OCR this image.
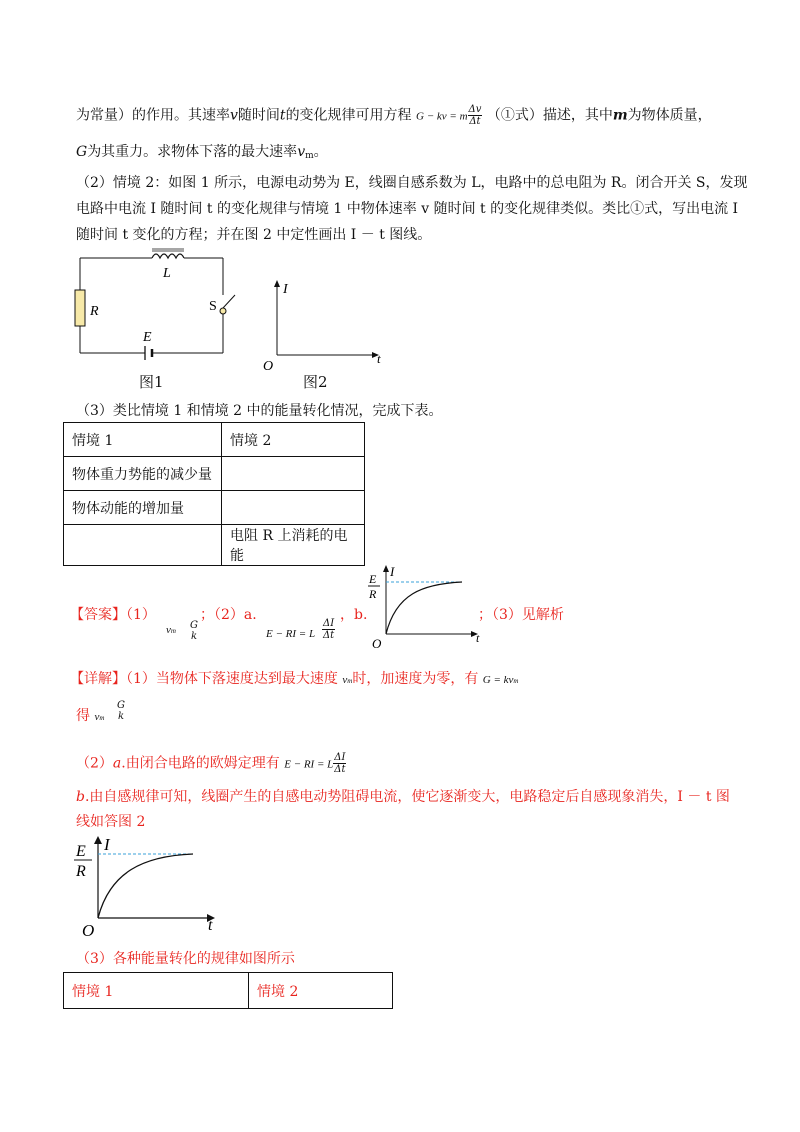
为常量）的作用。其速率v随时间t的变化规律可用方程 G − kv = m $\frac{\Delta v}{\Delta t}$ （①式）描述，其中m为物体质量，
G为其重力。求物体下落的最大速率vm。
（2）情境 2：如图 1 所示，电源电动势为 E，线圈自感系数为 L，电路中的总电阻为 R。闭合开关 S，发现
电路中电流 I 随时间 t 的变化规律与情境 1 中物体速率 v 随时间 t 的变化规律类似。类比①式，写出电流 I
随时间 t 变化的方程；并在图 2 中定性画出 I － t 图线。
L
R	S
E
图1
I
O
t
图2
（3）类比情境 1 和情境 2 中的能量转化情况，完成下表。
情境 1	情境 2
物体重力势能的减少量	
物体动能的增加量	
	电阻 R 上消耗的电能
【答案】（1）	；（2）a.	，b.	；（3）见解析
vm G
k	E − RI = L $\frac{\Delta I}{\Delta t}$
E
R
I
O	t
【详解】（1）当物体下落速度达到最大速度 vm时，加速度为零，有 G = kvm
得 vm
G
k
（2）a.由闭合电路的欧姆定理有 E − RI = L $\frac{\Delta I}{\Delta t}$
b.由自感规律可知，线圈产生的自感电动势阻碍电流，使它逐渐变大，电路稳定后自感现象消失，I － t 图
线如答图 2
E
R
I
O	t
（3）各种能量转化的规律如图所示
情境 1	情境 2
